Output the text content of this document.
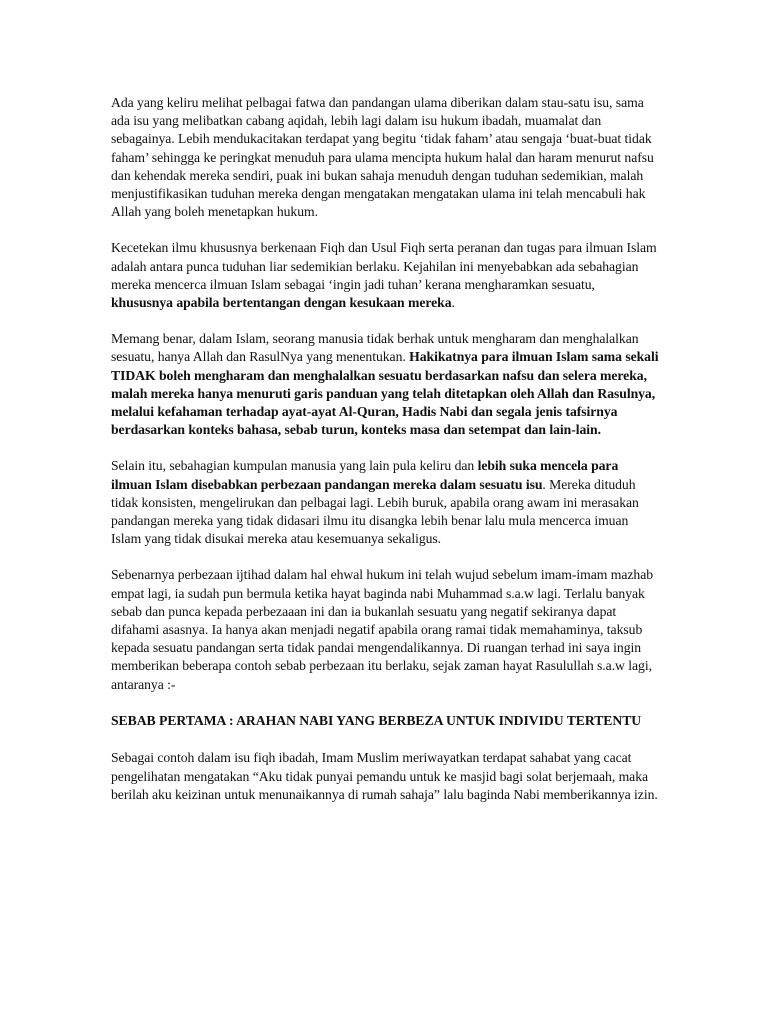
Ada yang keliru melihat pelbagai fatwa dan pandangan ulama diberikan dalam stau-satu isu, sama ada isu yang melibatkan cabang aqidah, lebih lagi dalam isu hukum ibadah, muamalat dan sebagainya. Lebih mendukacitakan terdapat yang begitu ‘tidak faham’ atau sengaja ‘buat-buat tidak faham’ sehingga ke peringkat menuduh para ulama mencipta hukum halal dan haram menurut nafsu dan kehendak mereka sendiri, puak ini bukan sahaja menuduh dengan tuduhan sedemikian, malah menjustifikasikan tuduhan mereka dengan mengatakan mengatakan ulama ini telah mencabuli hak Allah yang boleh menetapkan hukum.

Kecetekan ilmu khususnya berkenaan Fiqh dan Usul Fiqh serta peranan dan tugas para ilmuan Islam adalah antara punca tuduhan liar sedemikian berlaku. Kejahilan ini menyebabkan ada sebahagian mereka mencerca ilmuan Islam sebagai ‘ingin jadi tuhan’ kerana mengharamkan sesuatu, khususnya apabila bertentangan dengan kesukaan mereka.

Memang benar, dalam Islam, seorang manusia tidak berhak untuk mengharam dan menghalalkan sesuatu, hanya Allah dan RasulNya yang menentukan. Hakikatnya para ilmuan Islam sama sekali TIDAK boleh mengharam dan menghalalkan sesuatu berdasarkan nafsu dan selera mereka, malah mereka hanya menuruti garis panduan yang telah ditetapkan oleh Allah dan Rasulnya, melalui kefahaman terhadap ayat-ayat Al-Quran, Hadis Nabi dan segala jenis tafsirnya berdasarkan konteks bahasa, sebab turun, konteks masa dan setempat dan lain-lain.

Selain itu, sebahagian kumpulan manusia yang lain pula keliru dan lebih suka mencela para ilmuan Islam disebabkan perbezaan pandangan mereka dalam sesuatu isu. Mereka dituduh tidak konsisten, mengelirukan dan pelbagai lagi. Lebih buruk, apabila orang awam ini merasakan pandangan mereka yang tidak didasari ilmu itu disangka lebih benar lalu mula mencerca imuan Islam yang tidak disukai mereka atau kesemuanya sekaligus.

Sebenarnya perbezaan ijtihad dalam hal ehwal hukum ini telah wujud sebelum imam-imam mazhab empat lagi, ia sudah pun bermula ketika hayat baginda nabi Muhammad s.a.w lagi. Terlalu banyak sebab dan punca kepada perbezaaan ini dan ia bukanlah sesuatu yang negatif sekiranya dapat difahami asasnya. Ia hanya akan menjadi negatif apabila orang ramai tidak memahaminya, taksub kepada sesuatu pandangan serta tidak pandai mengendalikannya. Di ruangan terhad ini saya ingin memberikan beberapa contoh sebab perbezaan itu berlaku, sejak zaman hayat Rasulullah s.a.w lagi, antaranya :-

SEBAB PERTAMA : ARAHAN NABI YANG BERBEZA UNTUK INDIVIDU TERTENTU

Sebagai contoh dalam isu fiqh ibadah, Imam Muslim meriwayatkan terdapat sahabat yang cacat pengelihatan mengatakan “Aku tidak punyai pemandu untuk ke masjid bagi solat berjemaah, maka berilah aku keizinan untuk menunaikannya di rumah sahaja” lalu baginda Nabi memberikannya izin.
